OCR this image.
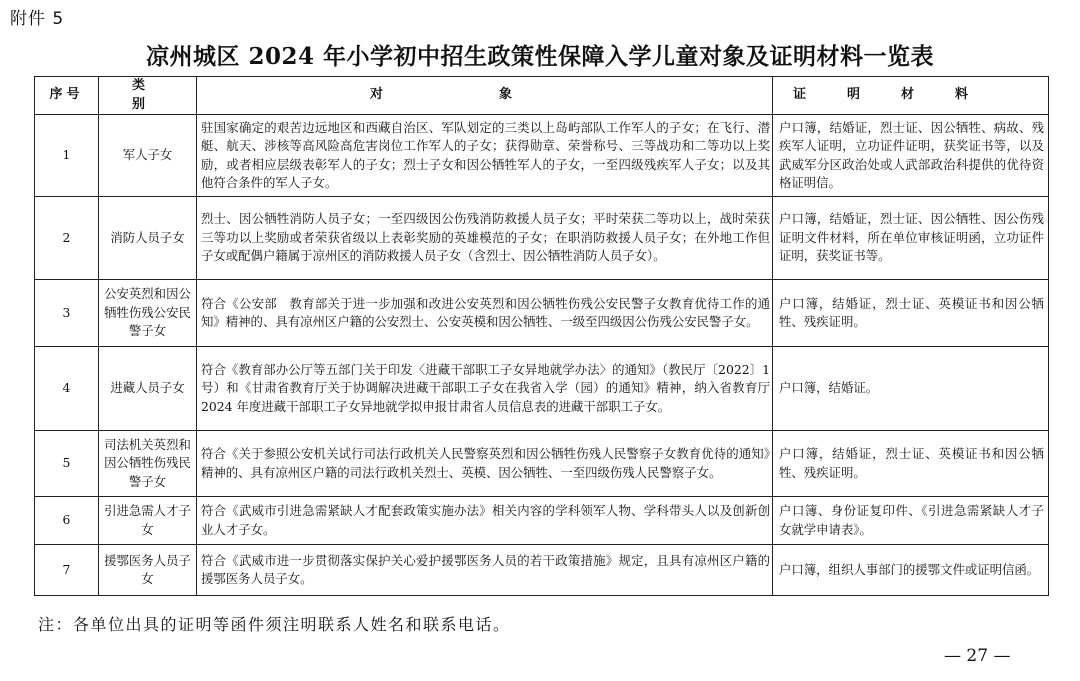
附件 5
凉州城区 2024 年小学初中招生政策性保障入学儿童对象及证明材料一览表
序号	类　别	对　　象	证　明　材　料
1	军人子女	驻国家确定的艰苦边远地区和西藏自治区、军队划定的三类以上岛屿部队工作军人的子女；在飞行、潜艇、航天、涉核等高风险高危害岗位工作军人的子女；获得勋章、荣誉称号、三等战功和二等功以上奖励，或者相应层级表彰军人的子女；烈士子女和因公牺牲军人的子女，一至四级残疾军人子女；以及其他符合条件的军人子女。	户口簿，结婚证，烈士证、因公牺牲、病故、残疾军人证明，立功证件证明，获奖证书等，以及武威军分区政治处或人武部政治科提供的优待资格证明信。
2	消防人员子女	烈士、因公牺牲消防人员子女；一至四级因公伤残消防救援人员子女；平时荣获二等功以上，战时荣获三等功以上奖励或者荣获省级以上表彰奖励的英雄模范的子女；在职消防救援人员子女；在外地工作但子女或配偶户籍属于凉州区的消防救援人员子女（含烈士、因公牺牲消防人员子女）。	户口簿，结婚证，烈士证、因公牺牲、因公伤残证明文件材料，所在单位审核证明函，立功证件证明，获奖证书等。
3	公安英烈和因公牺牲伤残公安民警子女	符合《公安部　教育部关于进一步加强和改进公安英烈和因公牺牲伤残公安民警子女教育优待工作的通知》精神的、具有凉州区户籍的公安烈士、公安英模和因公牺牲、一级至四级因公伤残公安民警子女。	户口簿，结婚证，烈士证、英模证书和因公牺牲、残疾证明。
4	进藏人员子女	符合《教育部办公厅等五部门关于印发〈进藏干部职工子女异地就学办法〉的通知》（教民厅〔2022〕1 号）和《甘肃省教育厅关于协调解决进藏干部职工子女在我省入学（园）的通知》精神，纳入省教育厅 2024 年度进藏干部职工子女异地就学拟申报甘肃省人员信息表的进藏干部职工子女。	户口簿，结婚证。
5	司法机关英烈和因公牺牲伤残民警子女	符合《关于参照公安机关试行司法行政机关人民警察英烈和因公牺牲伤残人民警察子女教育优待的通知》精神的、具有凉州区户籍的司法行政机关烈士、英模、因公牺牲、一至四级伤残人民警察子女。	户口簿，结婚证，烈士证、英模证书和因公牺牲、残疾证明。
6	引进急需人才子女	符合《武威市引进急需紧缺人才配套政策实施办法》相关内容的学科领军人物、学科带头人以及创新创业人才子女。	户口簿、身份证复印件、《引进急需紧缺人才子女就学申请表》。
7	援鄂医务人员子女	符合《武威市进一步贯彻落实保护关心爱护援鄂医务人员的若干政策措施》规定，且具有凉州区户籍的援鄂医务人员子女。	户口簿，组织人事部门的援鄂文件或证明信函。
注：各单位出具的证明等函件须注明联系人姓名和联系电话。
— 27 —
